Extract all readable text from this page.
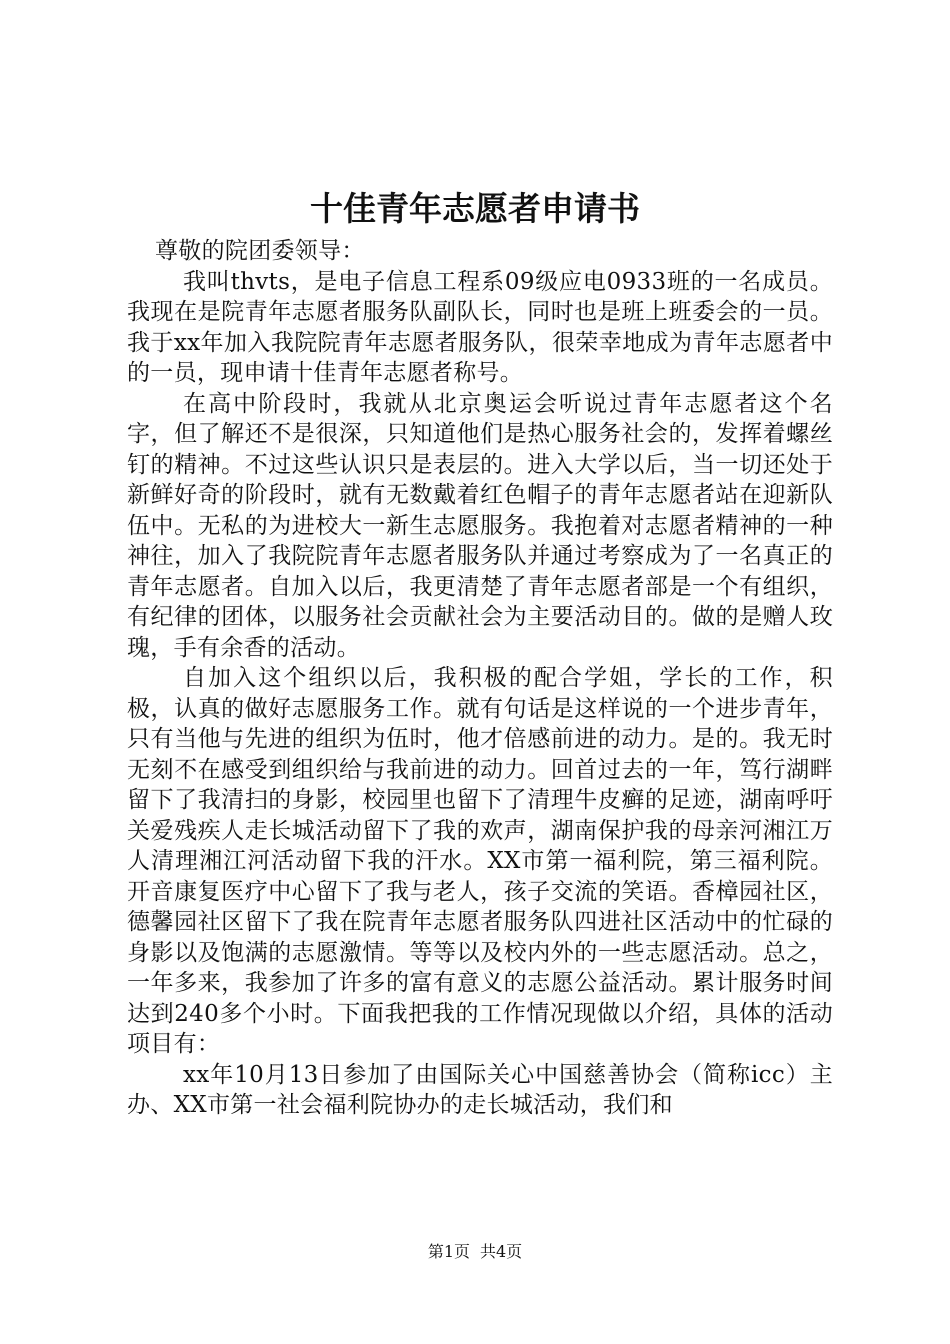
十佳青年志愿者申请书

尊敬的院团委领导：

我叫thvts，是电子信息工程系09级应电0933班的一名成员。我现在是院青年志愿者服务队副队长，同时也是班上班委会的一员。我于xx年加入我院院青年志愿者服务队，很荣幸地成为青年志愿者中的一员，现申请十佳青年志愿者称号。

在高中阶段时，我就从北京奥运会听说过青年志愿者这个名字，但了解还不是很深，只知道他们是热心服务社会的，发挥着螺丝钉的精神。不过这些认识只是表层的。进入大学以后，当一切还处于新鲜好奇的阶段时，就有无数戴着红色帽子的青年志愿者站在迎新队伍中。无私的为进校大一新生志愿服务。我抱着对志愿者精神的一种神往，加入了我院院青年志愿者服务队并通过考察成为了一名真正的青年志愿者。自加入以后，我更清楚了青年志愿者部是一个有组织，有纪律的团体，以服务社会贡献社会为主要活动目的。做的是赠人玫瑰，手有余香的活动。

自加入这个组织以后，我积极的配合学姐，学长的工作，积极，认真的做好志愿服务工作。就有句话是这样说的一个进步青年，只有当他与先进的组织为伍时，他才倍感前进的动力。是的。我无时无刻不在感受到组织给与我前进的动力。回首过去的一年，笃行湖畔留下了我清扫的身影，校园里也留下了清理牛皮癣的足迹，湖南呼吁关爱残疾人走长城活动留下了我的欢声，湖南保护我的母亲河湘江万人清理湘江河活动留下我的汗水。XX市第一福利院，第三福利院。开音康复医疗中心留下了我与老人，孩子交流的笑语。香樟园社区，德馨园社区留下了我在院青年志愿者服务队四进社区活动中的忙碌的身影以及饱满的志愿激情。等等以及校内外的一些志愿活动。总之，一年多来，我参加了许多的富有意义的志愿公益活动。累计服务时间达到240多个小时。下面我把我的工作情况现做以介绍，具体的活动项目有：

xx年10月13日参加了由国际关心中国慈善协会（简称icc）主办、XX市第一社会福利院协办的走长城活动，我们和

第1页 共4页
